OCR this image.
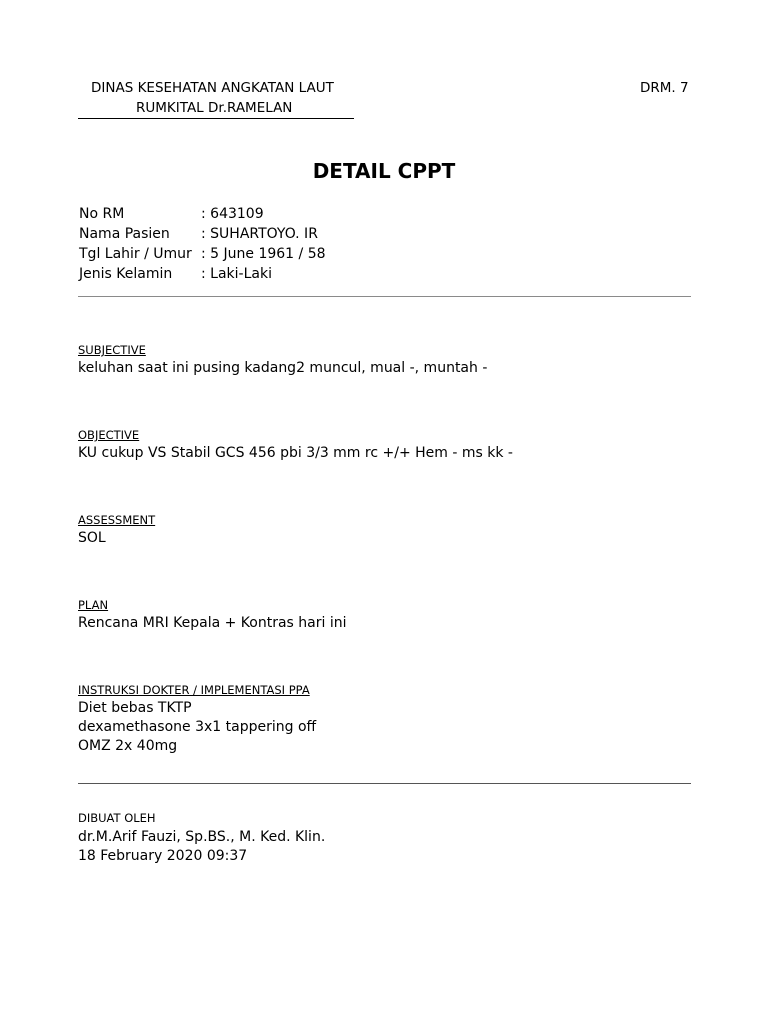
DINAS KESEHATAN ANGKATAN LAUT
RUMKITAL Dr.RAMELAN
DRM. 7
DETAIL CPPT
No RM	: 643109
Nama Pasien	: SUHARTOYO. IR
Tgl Lahir / Umur	: 5 June 1961 / 58
Jenis Kelamin	: Laki-Laki
SUBJECTIVE
keluhan saat ini pusing kadang2 muncul, mual -, muntah -
OBJECTIVE
KU cukup VS Stabil GCS 456 pbi 3/3 mm rc +/+ Hem - ms kk -
ASSESSMENT
SOL
PLAN
Rencana MRI Kepala + Kontras hari ini
INSTRUKSI DOKTER / IMPLEMENTASI PPA
Diet bebas TKTP
dexamethasone 3x1 tappering off
OMZ 2x 40mg
DIBUAT OLEH
dr.M.Arif Fauzi, Sp.BS., M. Ked. Klin.
18 February 2020 09:37
